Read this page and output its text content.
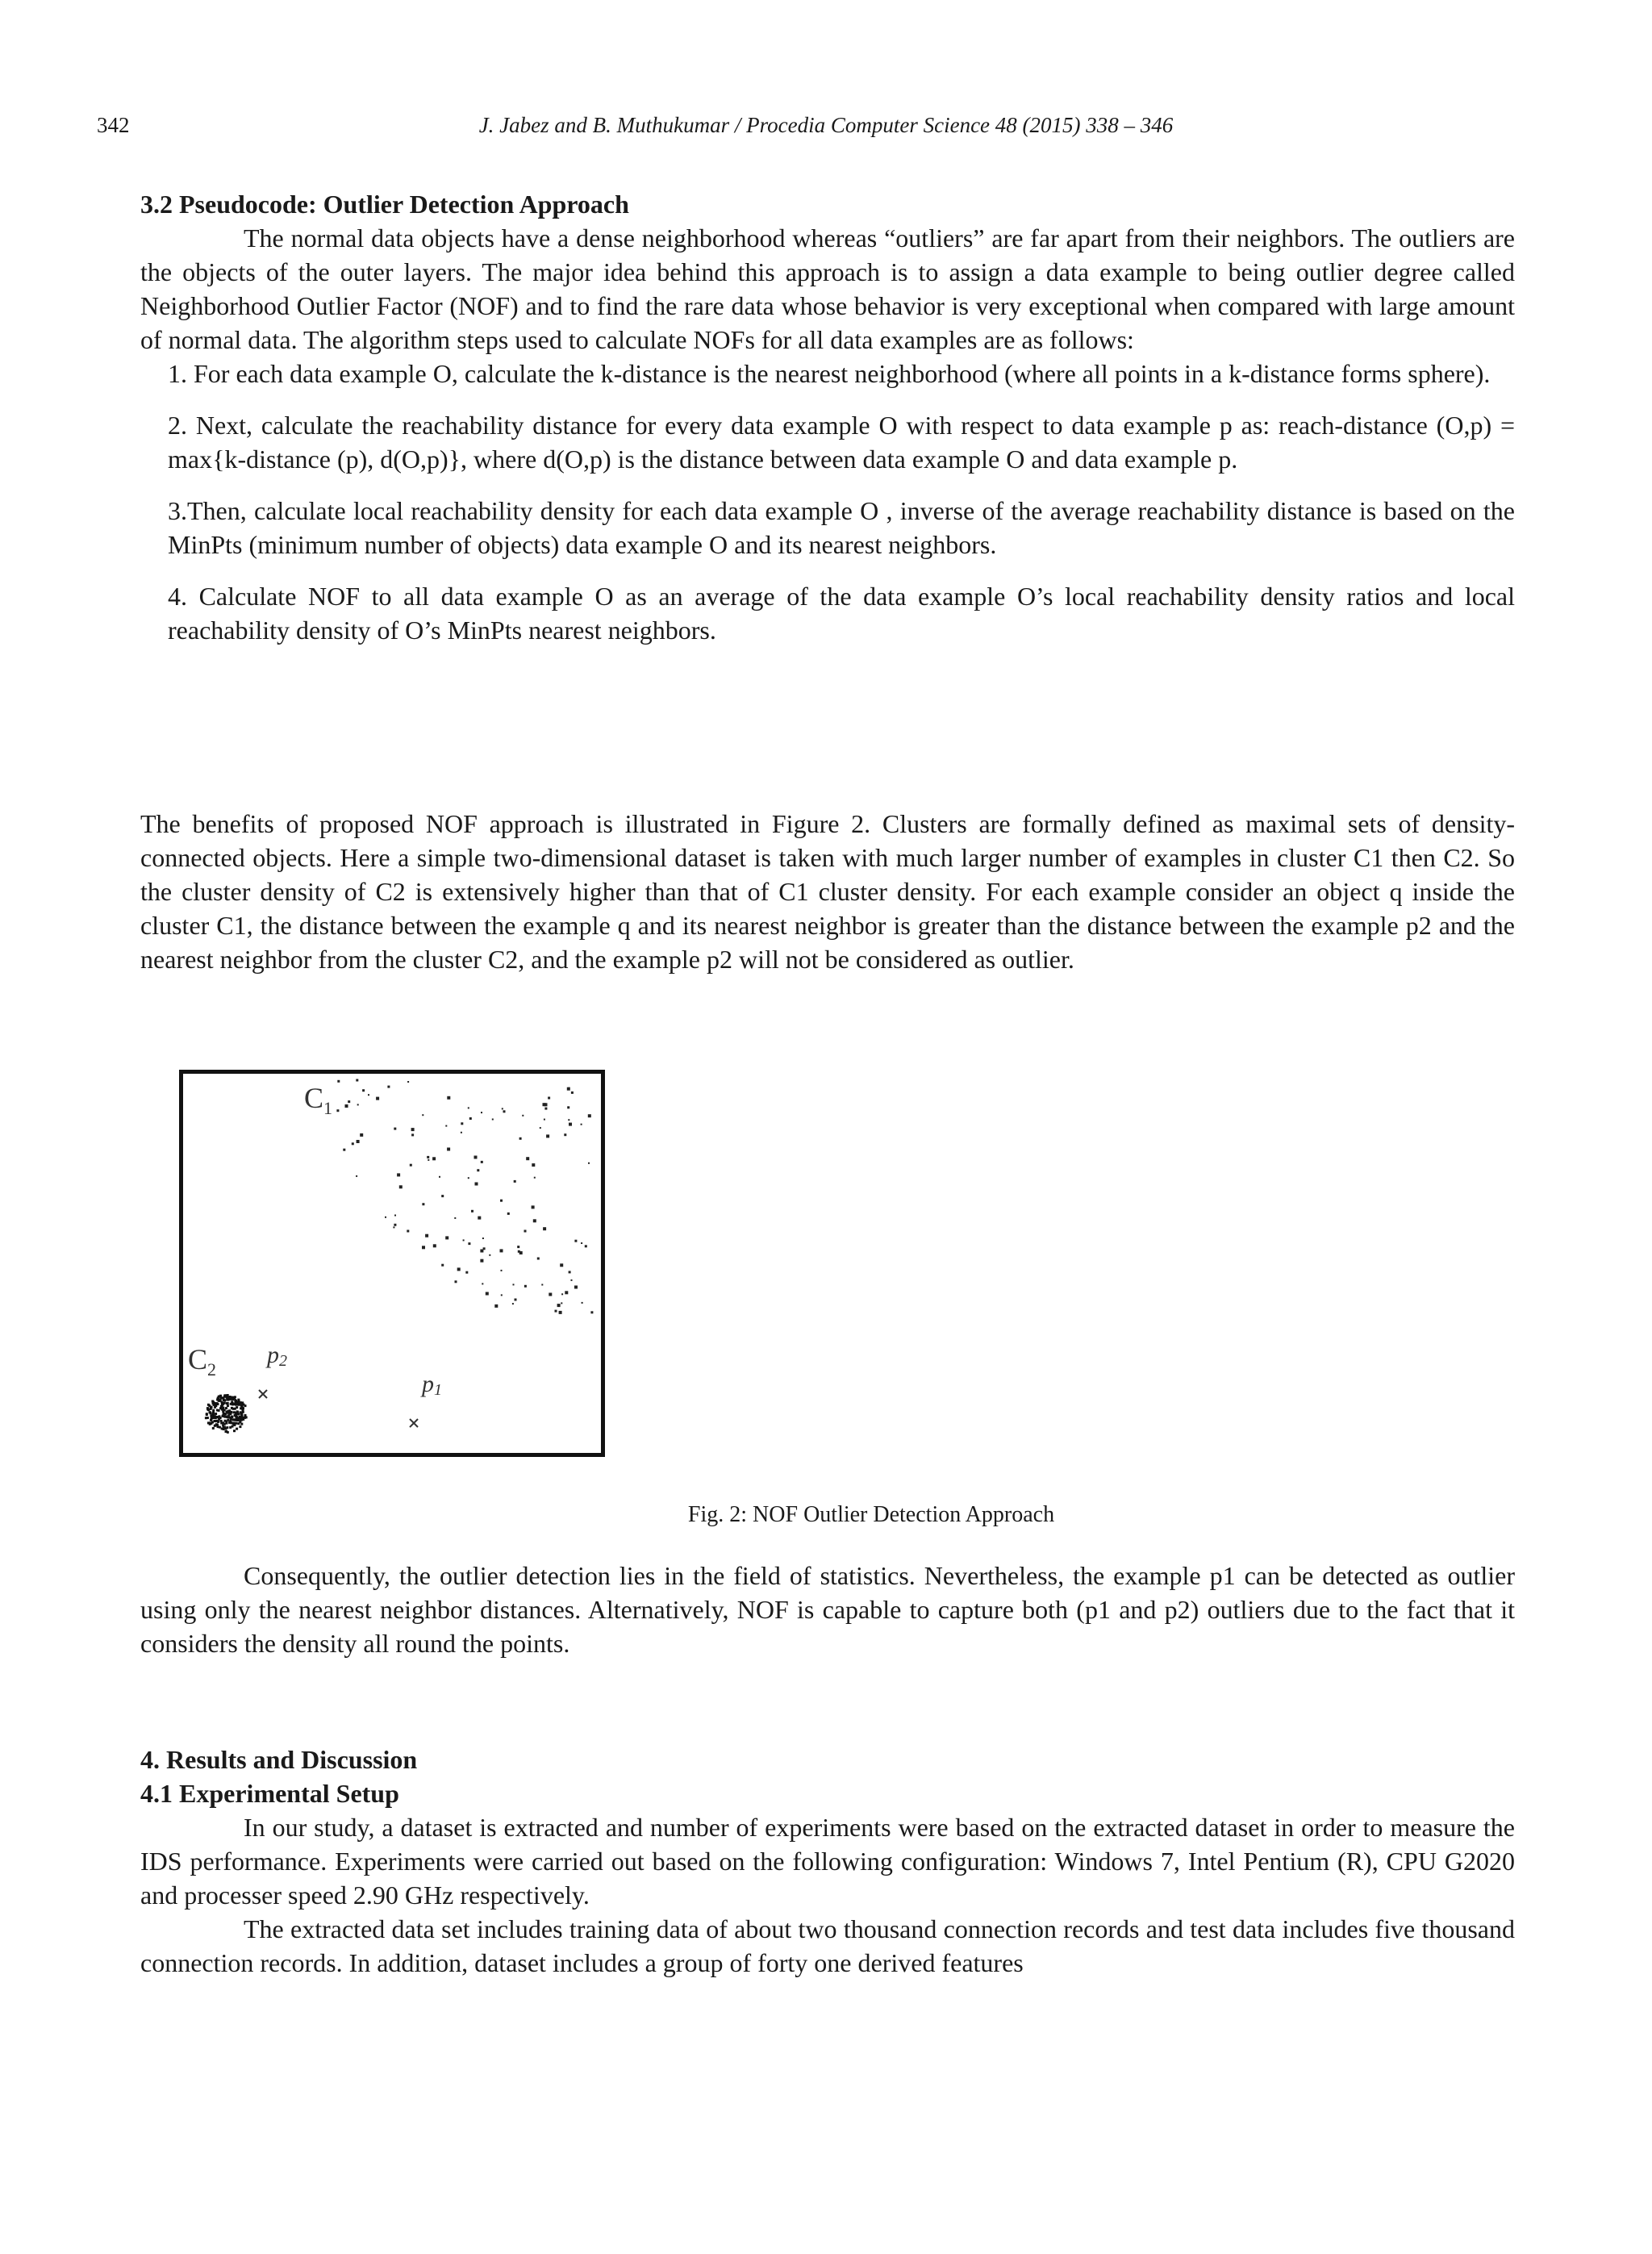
342	J. Jabez and B. Muthukumar / Procedia Computer Science 48 (2015) 338 – 346

3.2 Pseudocode: Outlier Detection Approach

The normal data objects have a dense neighborhood whereas “outliers” are far apart from their neighbors. The outliers are the objects of the outer layers. The major idea behind this approach is to assign a data example to being outlier degree called Neighborhood Outlier Factor (NOF) and to find the rare data whose behavior is very exceptional when compared with large amount of normal data. The algorithm steps used to calculate NOFs for all data examples are as follows:

1. For each data example O, calculate the k-distance is the nearest neighborhood (where all points in a k-distance forms sphere).
2. Next, calculate the reachability distance for every data example O with respect to data example p as: reach-distance (O,p) = max{k-distance (p), d(O,p)}, where d(O,p) is the distance between data example O and data example p.
3.Then, calculate local reachability density for each data example O , inverse of the average reachability distance is based on the MinPts (minimum number of objects) data example O and its nearest neighbors.
4. Calculate NOF to all data example O as an average of the data example O’s local reachability density ratios and local reachability density of O’s MinPts nearest neighbors.

The benefits of proposed NOF approach is illustrated in Figure 2. Clusters are formally defined as maximal sets of density-connected objects. Here a simple two-dimensional dataset is taken with much larger number of examples in cluster C1 then C2. So the cluster density of C2 is extensively higher than that of C1 cluster density. For each example consider an object q inside the cluster C1, the distance between the example q and its nearest neighbor is greater than the distance between the example p2 and the nearest neighbor from the cluster C2, and the example p2 will not be considered as outlier.

$C_1$
$C_2$
p2
p1
Fig. 2: NOF Outlier Detection Approach

Consequently, the outlier detection lies in the field of statistics. Nevertheless, the example p1 can be detected as outlier using only the nearest neighbor distances. Alternatively, NOF is capable to capture both (p1 and p2) outliers due to the fact that it considers the density all round the points.

4. Results and Discussion

4.1 Experimental Setup

In our study, a dataset is extracted and number of experiments were based on the extracted dataset in order to measure the IDS performance. Experiments were carried out based on the following configuration: Windows 7, Intel Pentium (R), CPU G2020 and processer speed 2.90 GHz respectively.

The extracted data set includes training data of about two thousand connection records and test data includes five thousand connection records. In addition, dataset includes a group of forty one derived features
